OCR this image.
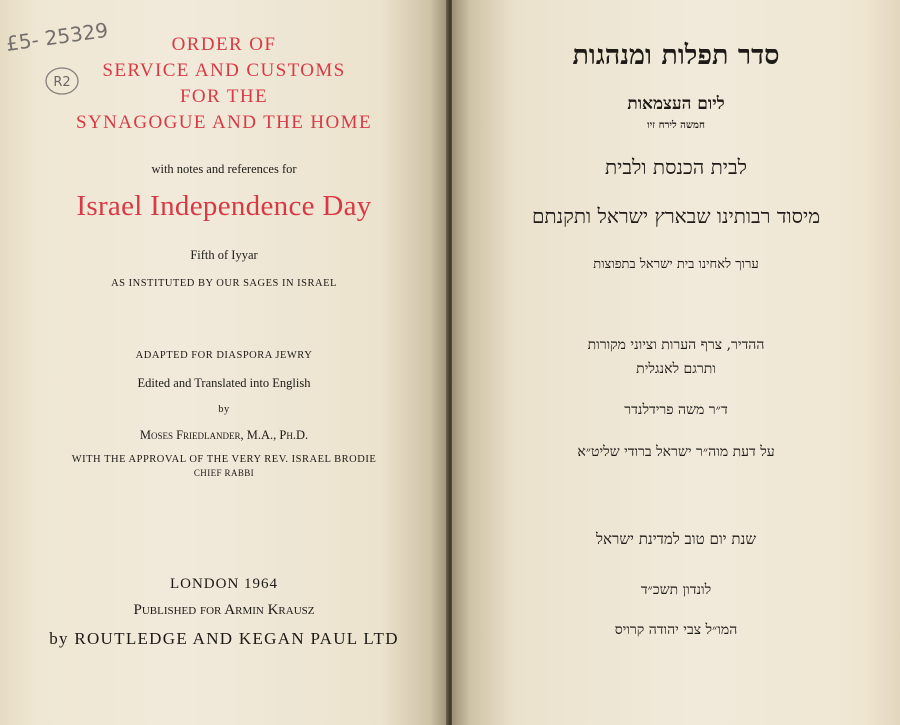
£5- 25329
R2
ORDER OF
SERVICE AND CUSTOMS
FOR THE
SYNAGOGUE AND THE HOME
with notes and references for
Israel Independence Day
Fifth of Iyyar
AS INSTITUTED BY OUR SAGES IN ISRAEL
ADAPTED FOR DIASPORA JEWRY
Edited and Translated into English
by
Moses Friedlander, M.A., Ph.D.
WITH THE APPROVAL OF THE VERY REV. ISRAEL BRODIE
CHIEF RABBI
LONDON 1964
Published for Armin Krausz
by ROUTLEDGE AND KEGAN PAUL LTD
סדר תפלות ומנהגות
ליום העצמאות
חמשה לירח זיו
לבית הכנסת ולבית
מיסוד רבותינו שבארץ ישראל ותקנתם
ערוך לאחינו בית ישראל בתפוצות
ההדיר, צרף הערות וציוני מקורות
ותרגם לאנגלית
ד״ר משה פרידלנדר
על דעת מוה״ר ישראל ברודי שליט״א
שנת יום טוב למדינת ישראל
לונדון תשכ״ד
המו״ל צבי יהודה קרויס
